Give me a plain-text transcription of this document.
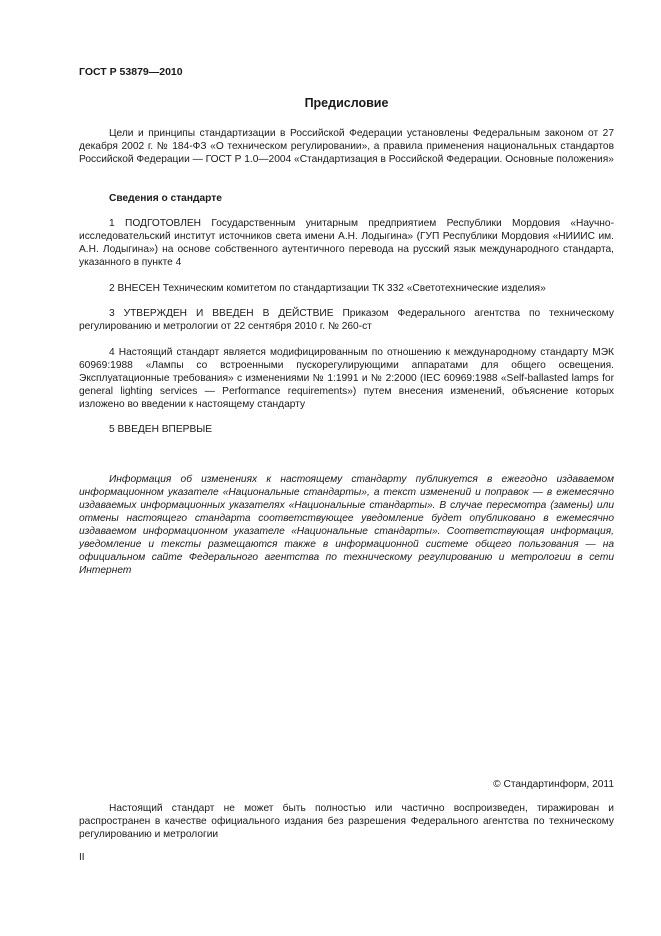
ГОСТ Р 53879—2010
Предисловие

Цели и принципы стандартизации в Российской Федерации установлены Федеральным законом от 27 декабря 2002 г. № 184-ФЗ «О техническом регулировании», а правила применения национальных стандартов Российской Федерации — ГОСТ Р 1.0—2004 «Стандартизация в Российской Федерации. Основные положения»

Сведения о стандарте

1 ПОДГОТОВЛЕН Государственным унитарным предприятием Республики Мордовия «Научно-исследовательский институт источников света имени А.Н. Лодыгина» (ГУП Республики Мордовия «НИИИС им. А.Н. Лодыгина») на основе собственного аутентичного перевода на русский язык международного стандарта, указанного в пункте 4

2 ВНЕСЕН Техническим комитетом по стандартизации ТК 332 «Светотехнические изделия»

3 УТВЕРЖДЕН И ВВЕДЕН В ДЕЙСТВИЕ Приказом Федерального агентства по техническому регулированию и метрологии от 22 сентября 2010 г. № 260-ст

4 Настоящий стандарт является модифицированным по отношению к международному стандарту МЭК 60969:1988 «Лампы со встроенными пускорегулирующими аппаратами для общего освещения. Эксплуатационные требования» с изменениями № 1:1991 и № 2:2000 (IEC 60969:1988 «Self-ballasted lamps for general lighting services — Performance requirements») путем внесения изменений, объяснение которых изложено во введении к настоящему стандарту

5 ВВЕДЕН ВПЕРВЫЕ

Информация об изменениях к настоящему стандарту публикуется в ежегодно издаваемом информационном указателе «Национальные стандарты», а текст изменений и поправок — в ежемесячно издаваемых информационных указателях «Национальные стандарты». В случае пересмотра (замены) или отмены настоящего стандарта соответствующее уведомление будет опубликовано в ежемесячно издаваемом информационном указателе «Национальные стандарты». Соответствующая информация, уведомление и тексты размещаются также в информационной системе общего пользования — на официальном сайте Федерального агентства по техническому регулированию и метрологии в сети Интернет

© Стандартинформ, 2011

Настоящий стандарт не может быть полностью или частично воспроизведен, тиражирован и распространен в качестве официального издания без разрешения Федерального агентства по техническому регулированию и метрологии

II
